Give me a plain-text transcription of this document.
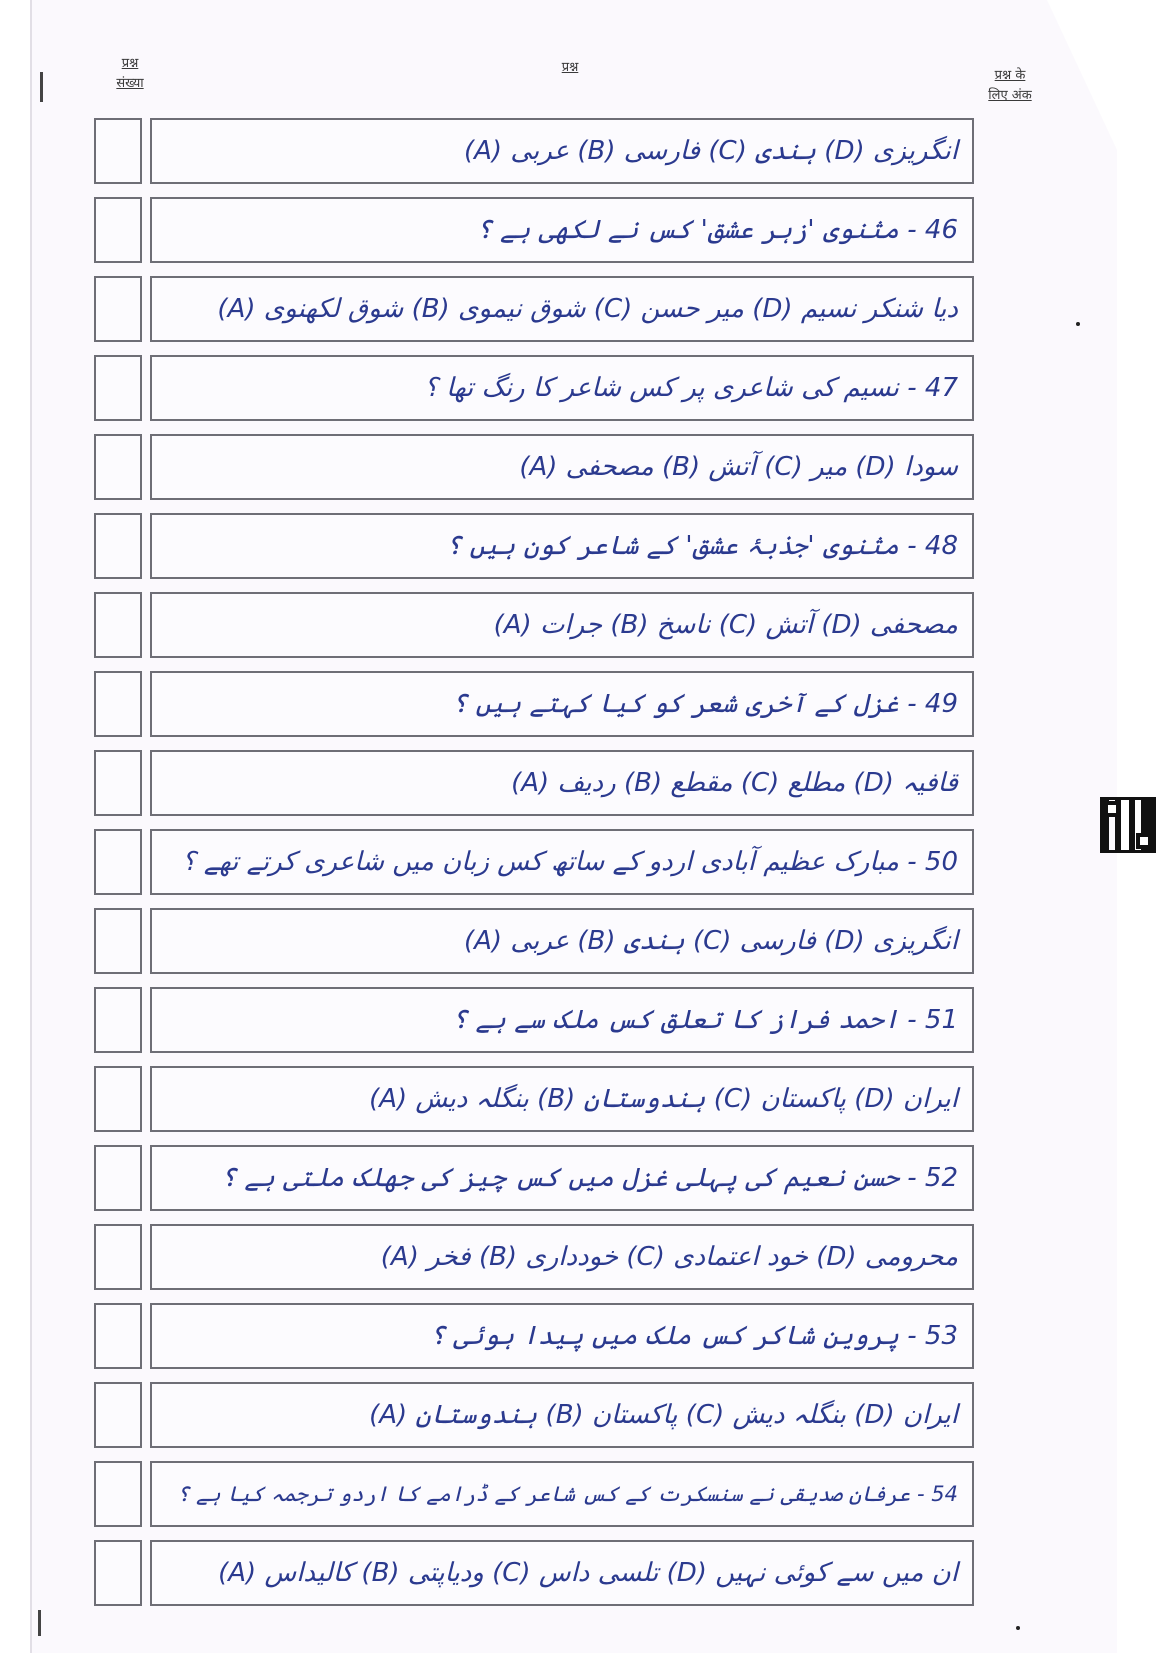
प्रश्न
संख्या
प्रश्न
प्रश्न के
लिए अंक
(A) عربی (B) فارسی (C) ہندی (D) انگریزی
46 - مثنوی 'زہر عشق' کس نے لکھی ہے ؟
(A) شوق لکھنوی (B) شوق نیموی (C) میر حسن (D) دیا شنکر نسیم
47 - نسیم کی شاعری پر کس شاعر کا رنگ تھا ؟
(A) مصحفی (B) آتش (C) میر (D) سودا
48 - مثنوی 'جذبۂ عشق' کے شاعر کون ہیں ؟
(A) جرات (B) ناسخ (C) آتش (D) مصحفی
49 - غزل کے آخری شعر کو کیا کہتے ہیں ؟
(A) ردیف (B) مقطع (C) مطلع (D) قافیہ
50 - مبارک عظیم آبادی اردو کے ساتھ کس زبان میں شاعری کرتے تھے ؟
(A) عربی (B) ہندی (C) فارسی (D) انگریزی
51 - احمد فراز کا تعلق کس ملک سے ہے ؟
(A) بنگلہ دیش (B) ہندوستان (C) پاکستان (D) ایران
52 - حسن نعیم کی پہلی غزل میں کس چیز کی جھلک ملتی ہے ؟
(A) فخر (B) خودداری (C) خود اعتمادی (D) محرومی
53 - پروین شاکر کس ملک میں پیدا ہوئی ؟
(A) ہندوستان (B) پاکستان (C) بنگلہ دیش (D) ایران
54 - عرفان صدیقی نے سنسکرت کے کس شاعر کے ڈرامے کا اردو ترجمہ کیا ہے ؟
(A) کالیداس (B) ودیاپتی (C) تلسی داس (D) ان میں سے کوئی نہیں
